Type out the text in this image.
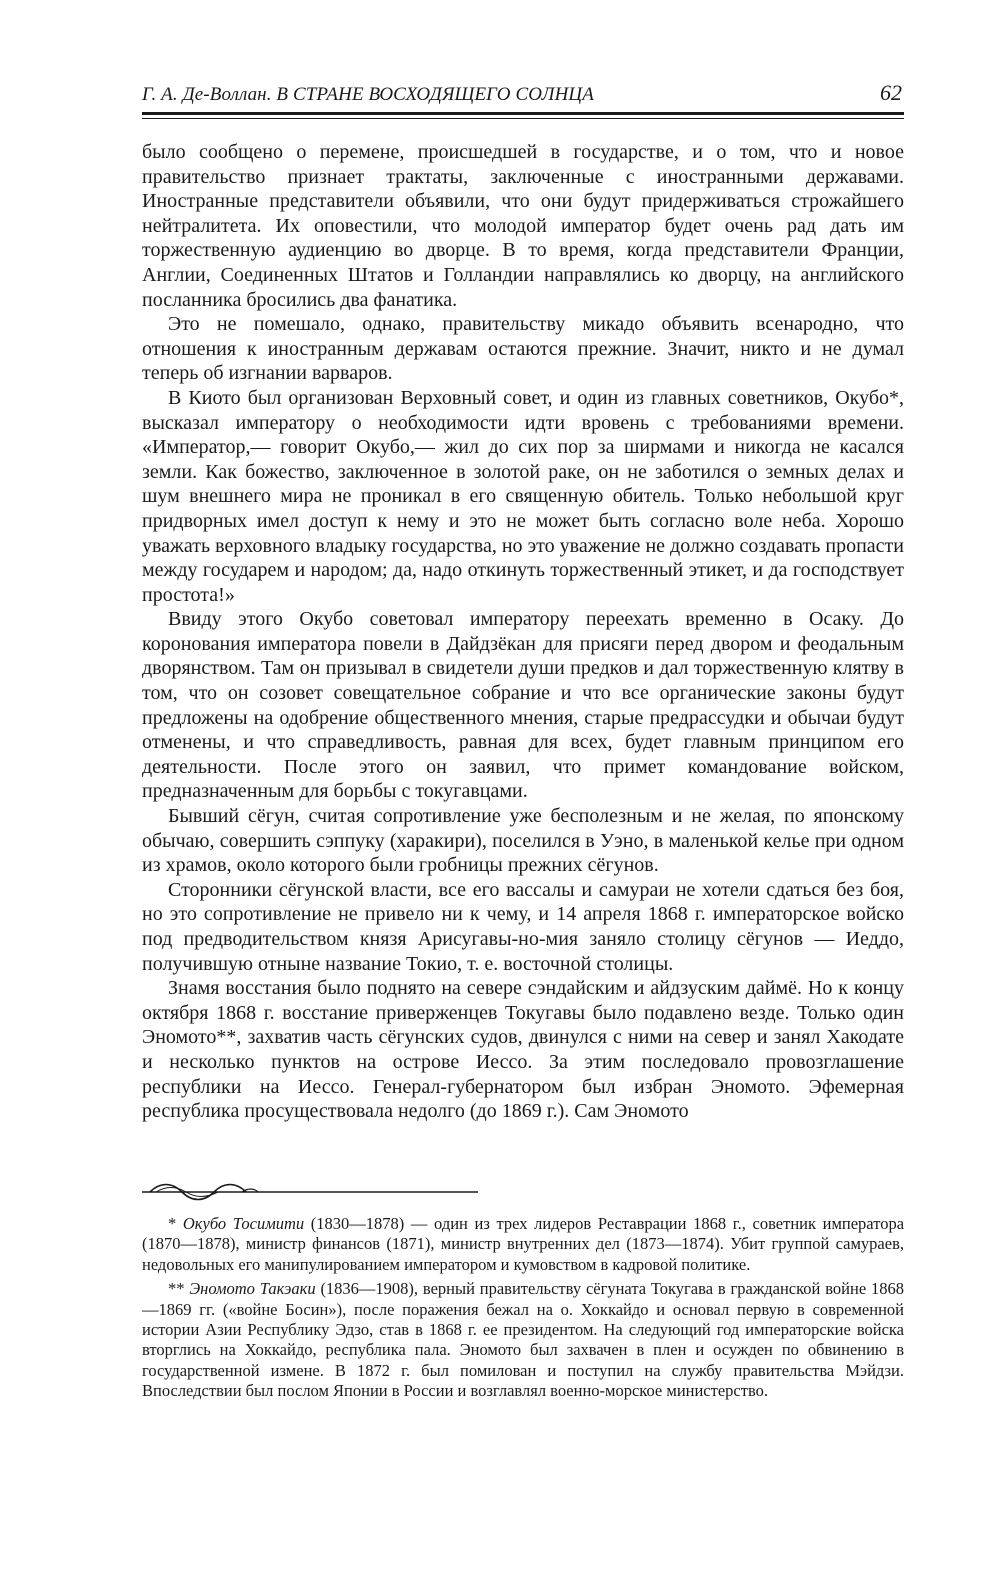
Г. А. Де-Воллан. В СТРАНЕ ВОСХОДЯЩЕГО СОЛНЦА	62

было сообщено о перемене, происшедшей в государстве, и о том, что и новое правительство признает трактаты, заключенные с иностранными державами. Иностранные представители объявили, что они будут придерживаться строжайшего нейтралитета. Их оповестили, что молодой император будет очень рад дать им торжественную аудиенцию во дворце. В то время, когда представители Франции, Англии, Соединенных Штатов и Голландии направлялись ко дворцу, на английского посланника бросились два фанатика.

Это не помешало, однако, правительству микадо объявить всенародно, что отношения к иностранным державам остаются прежние. Значит, никто и не думал теперь об изгнании варваров.

В Киото был организован Верховный совет, и один из главных советников, Окубо*, высказал императору о необходимости идти вровень с требованиями времени. «Император,— говорит Окубо,— жил до сих пор за ширмами и никогда не касался земли. Как божество, заключенное в золотой раке, он не заботился о земных делах и шум внешнего мира не проникал в его священную обитель. Только небольшой круг придворных имел доступ к нему и это не может быть согласно воле неба. Хорошо уважать верховного владыку государства, но это уважение не должно создавать пропасти между государем и народом; да, надо откинуть торжественный этикет, и да господствует простота!»

Ввиду этого Окубо советовал императору переехать временно в Осаку. До коронования императора повели в Дайдзёкан для присяги перед двором и феодальным дворянством. Там он призывал в свидетели души предков и дал торжественную клятву в том, что он созовет совещательное собрание и что все органические законы будут предложены на одобрение общественного мнения, старые предрассудки и обычаи будут отменены, и что справедливость, равная для всех, будет главным принципом его деятельности. После этого он заявил, что примет командование войском, предназначенным для борьбы с токугавцами.

Бывший сёгун, считая сопротивление уже бесполезным и не желая, по японскому обычаю, совершить сэппуку (харакири), поселился в Уэно, в маленькой келье при одном из храмов, около которого были гробницы прежних сёгунов.

Сторонники сёгунской власти, все его вассалы и самураи не хотели сдаться без боя, но это сопротивление не привело ни к чему, и 14 апреля 1868 г. императорское войско под предводительством князя Арисугавы-но-мия заняло столицу сёгунов — Иеддо, получившую отныне название Токио, т. е. восточной столицы.

Знамя восстания было поднято на севере сэндайским и айдзуским даймё. Но к концу октября 1868 г. восстание приверженцев Токугавы было подавлено везде. Только один Эномото**, захватив часть сёгунских судов, двинулся с ними на север и занял Хакодате и несколько пунктов на острове Иессо. За этим последовало провозглашение республики на Иессо. Генерал-губернатором был избран Эномото. Эфемерная республика просуществовала недолго (до 1869 г.). Сам Эномото

* Окубо Тосимити (1830—1878) — один из трех лидеров Реставрации 1868 г., советник императора (1870—1878), министр финансов (1871), министр внутренних дел (1873—1874). Убит группой самураев, недовольных его манипулированием императором и кумовством в кадровой политике.

** Эномото Такэаки (1836—1908), верный правительству сёгуната Токугава в гражданской войне 1868—1869 гг. («войне Босин»), после поражения бежал на о. Хоккайдо и основал первую в современной истории Азии Республику Эдзо, став в 1868 г. ее президентом. На следующий год императорские войска вторглись на Хоккайдо, республика пала. Эномото был захвачен в плен и осужден по обвинению в государственной измене. В 1872 г. был помилован и поступил на службу правительства Мэйдзи. Впоследствии был послом Японии в России и возглавлял военно-морское министерство.
